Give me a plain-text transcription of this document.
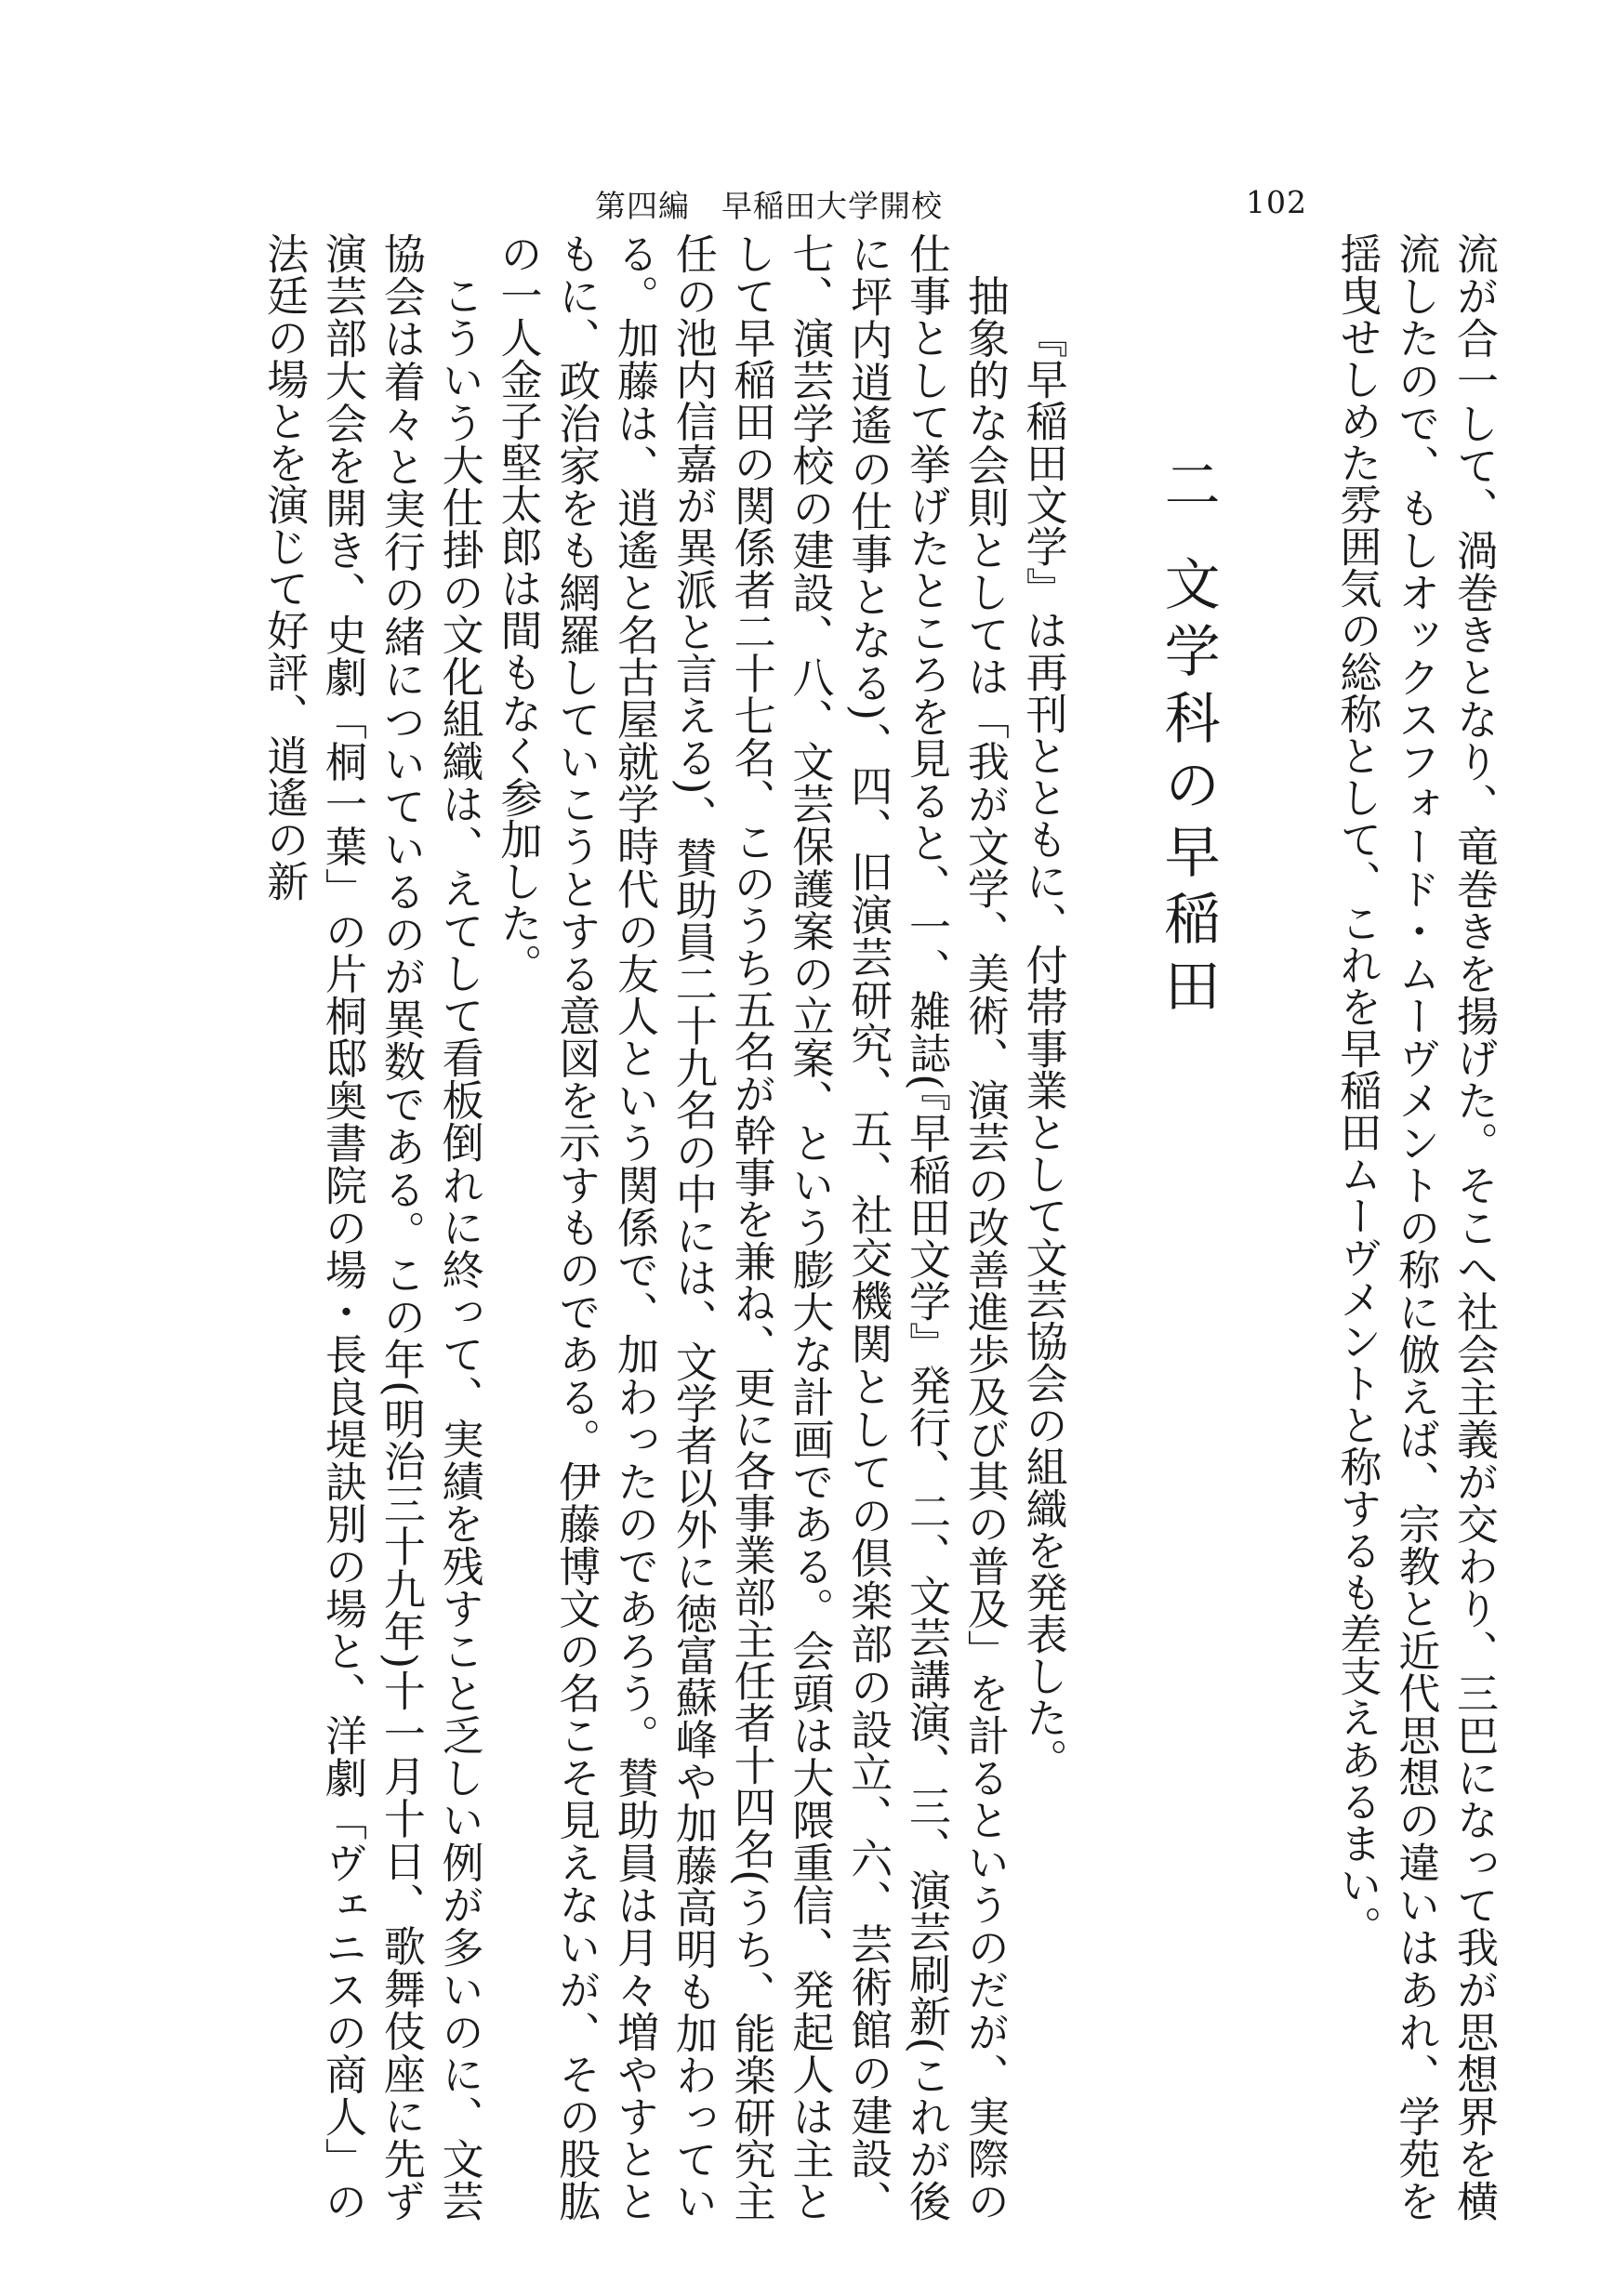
第四編　早稲田大学開校	102

流が合一して、渦巻きとなり、竜巻きを揚げた。そこへ社会主義が交わり、三巴になって我が思想界を横流したので、もしオックスフォード・ムーヴメントの称に倣えば、宗教と近代思想の違いはあれ、学苑を揺曳せしめた雰囲気の総称として、これを早稲田ムーヴメントと称するも差支えあるまい。

二文学科の早稲田

『早稲田文学』は再刊とともに、付帯事業として文芸協会の組織を発表した。

抽象的な会則としては「我が文学、美術、演芸の改善進歩及び其の普及」を計るというのだが、実際の仕事として挙げたところを見ると、一、雑誌(『早稲田文学』発行、二、文芸講演、三、演芸刷新(これが後に坪内逍遙の仕事となる)、四、旧演芸研究、五、社交機関としての倶楽部の設立、六、芸術館の建設、七、演芸学校の建設、八、文芸保護案の立案、という膨大な計画である。会頭は大隈重信、発起人は主として早稲田の関係者二十七名、このうち五名が幹事を兼ね、更に各事業部主任者十四名(うち、能楽研究主任の池内信嘉が異派と言える)、賛助員二十九名の中には、文学者以外に徳富蘇峰や加藤高明も加わっている。加藤は、逍遙と名古屋就学時代の友人という関係で、加わったのであろう。賛助員は月々増やすとともに、政治家をも網羅していこうとする意図を示すものである。伊藤博文の名こそ見えないが、その股肱の一人金子堅太郎は間もなく参加した。

こういう大仕掛の文化組織は、えてして看板倒れに終って、実績を残すこと乏しい例が多いのに、文芸協会は着々と実行の緒についているのが異数である。この年(明治三十九年)十一月十日、歌舞伎座に先ず演芸部大会を開き、史劇「桐一葉」の片桐邸奥書院の場・長良堤訣別の場と、洋劇「ヴェニスの商人」の法廷の場とを演じて好評、逍遙の新
